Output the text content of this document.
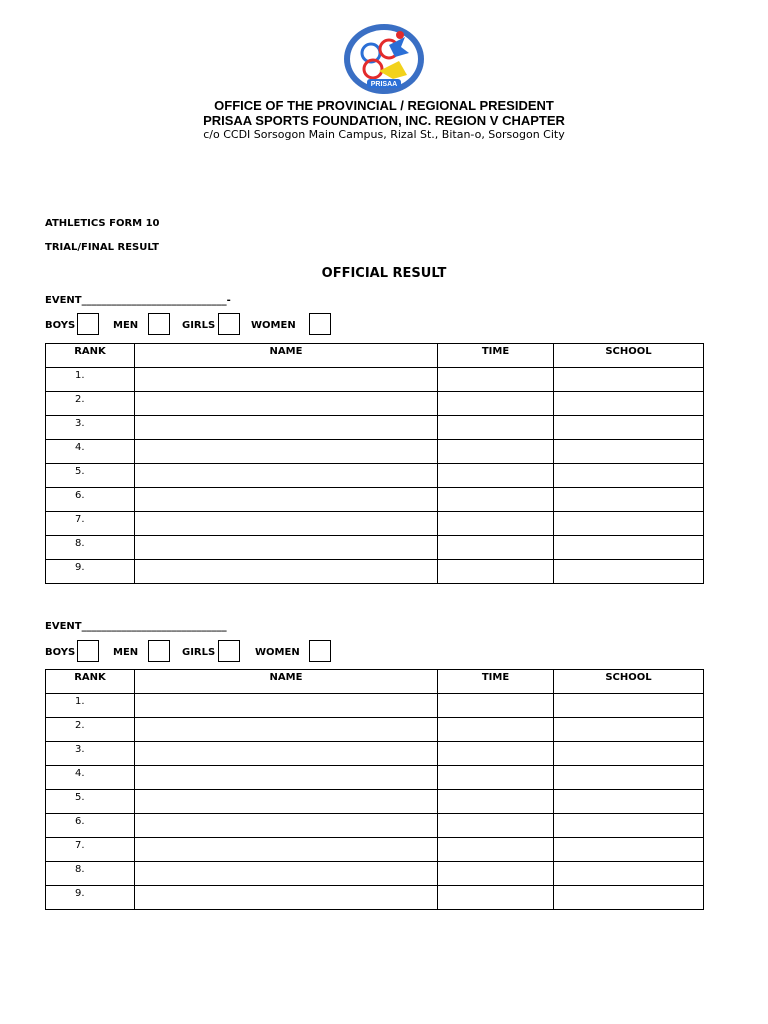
PRISAA
OFFICE OF THE PROVINCIAL / REGIONAL PRESIDENT
PRISAA SPORTS FOUNDATION, INC. REGION V CHAPTER
c/o CCDI Sorsogon Main Campus, Rizal St., Bitan-o, Sorsogon City
ATHLETICS FORM 10
TRIAL/FINAL RESULT
OFFICIAL RESULT
EVENT_____________________________-
BOYS	MEN	GIRLS	WOMEN
RANK	NAME	TIME	SCHOOL
1.			
2.			
3.			
4.			
5.			
6.			
7.			
8.			
9.			
EVENT_____________________________
BOYS	MEN	GIRLS	WOMEN
RANK	NAME	TIME	SCHOOL
1.			
2.			
3.			
4.			
5.			
6.			
7.			
8.			
9.			
